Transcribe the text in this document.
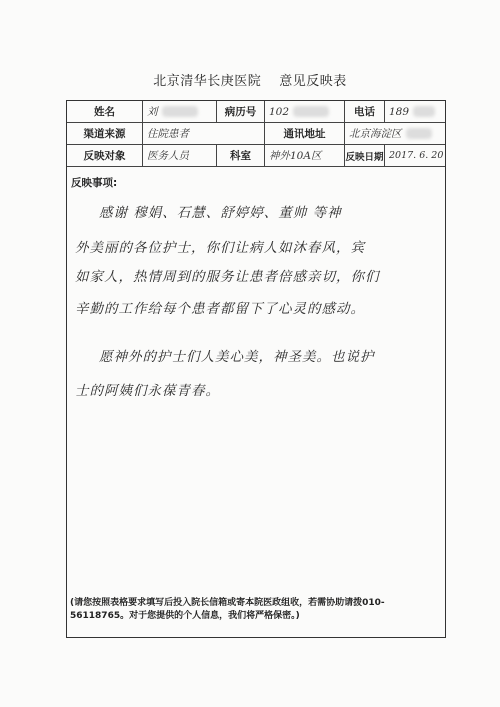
北京清华长庚医院 意见反映表
姓名	刘	病历号	102	电话	189
渠道来源	住院患者	通讯地址	北京海淀区
反映对象	医务人员	科室	神外10A区	反映日期 2017. 6. 20
反映事项:
感谢 穆娟、石慧、舒婷婷、董帅 等神
外美丽的各位护士，你们让病人如沐春风，宾
如家人，热情周到的服务让患者倍感亲切，你们
辛勤的工作给每个患者都留下了心灵的感动。
愿神外的护士们人美心美，神圣美。也说护
士的阿姨们永葆青春。
(请您按照表格要求填写后投入院长信箱或寄本院医政组收，若需协助请拨010-56118765。对于您提供的个人信息，我们将严格保密。)
